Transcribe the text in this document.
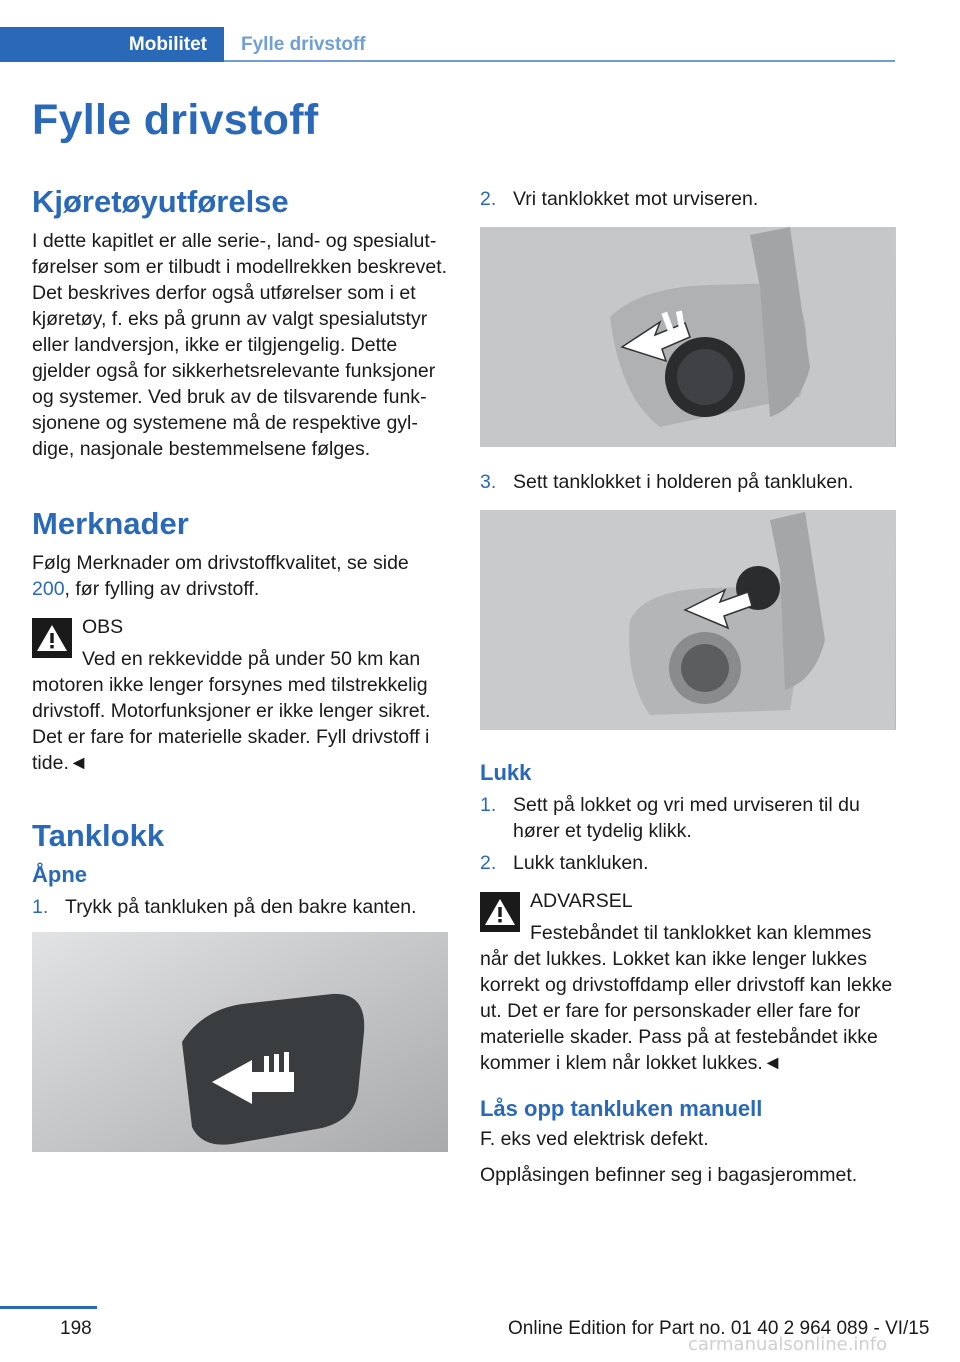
Mobilitet	Fylle drivstoff
Fylle drivstoff
Kjøretøyutførelse

I dette kapitlet er alle serie-, land- og spesialutførelser som er tilbudt i modellrekken beskrevet. Det beskrives derfor også utførelser som i et kjøretøy, f. eks på grunn av valgt spesialutstyr eller landversjon, ikke er tilgjengelig. Dette gjelder også for sikkerhetsrelevante funksjoner og systemer. Ved bruk av de tilsvarende funksjonene og systemene må de respektive gyldige, nasjonale bestemmelsene følges.

Merknader

Følg Merknader om drivstoffkvalitet, se side 200, før fylling av drivstoff.

OBS
Ved en rekkevidde på under 50 km kan
motoren ikke lenger forsynes med tilstrekkelig drivstoff. Motorfunksjoner er ikke lenger sikret. Det er fare for materielle skader. Fyll drivstoff i tide.◄
Tanklokk
Åpne
1. Trykk på tankluken på den bakre kanten.
2. Vri tanklokket mot urviseren.
3. Sett tanklokket i holderen på tankluken.
Lukk
1. Sett på lokket og vri med urviseren til du hører et tydelig klikk.
2. Lukk tankluken.
ADVARSEL
Festebåndet til tanklokket kan klemmes
når det lukkes. Lokket kan ikke lenger lukkes korrekt og drivstoffdamp eller drivstoff kan lekke ut. Det er fare for personskader eller fare for materielle skader. Pass på at festebåndet ikke kommer i klem når lokket lukkes.◄
Lås opp tankluken manuell

F. eks ved elektrisk defekt.

Opplåsingen befinner seg i bagasjerommet.

198	Online Edition for Part no. 01 40 2 964 089 - VI/15
carmanualsonline.info
